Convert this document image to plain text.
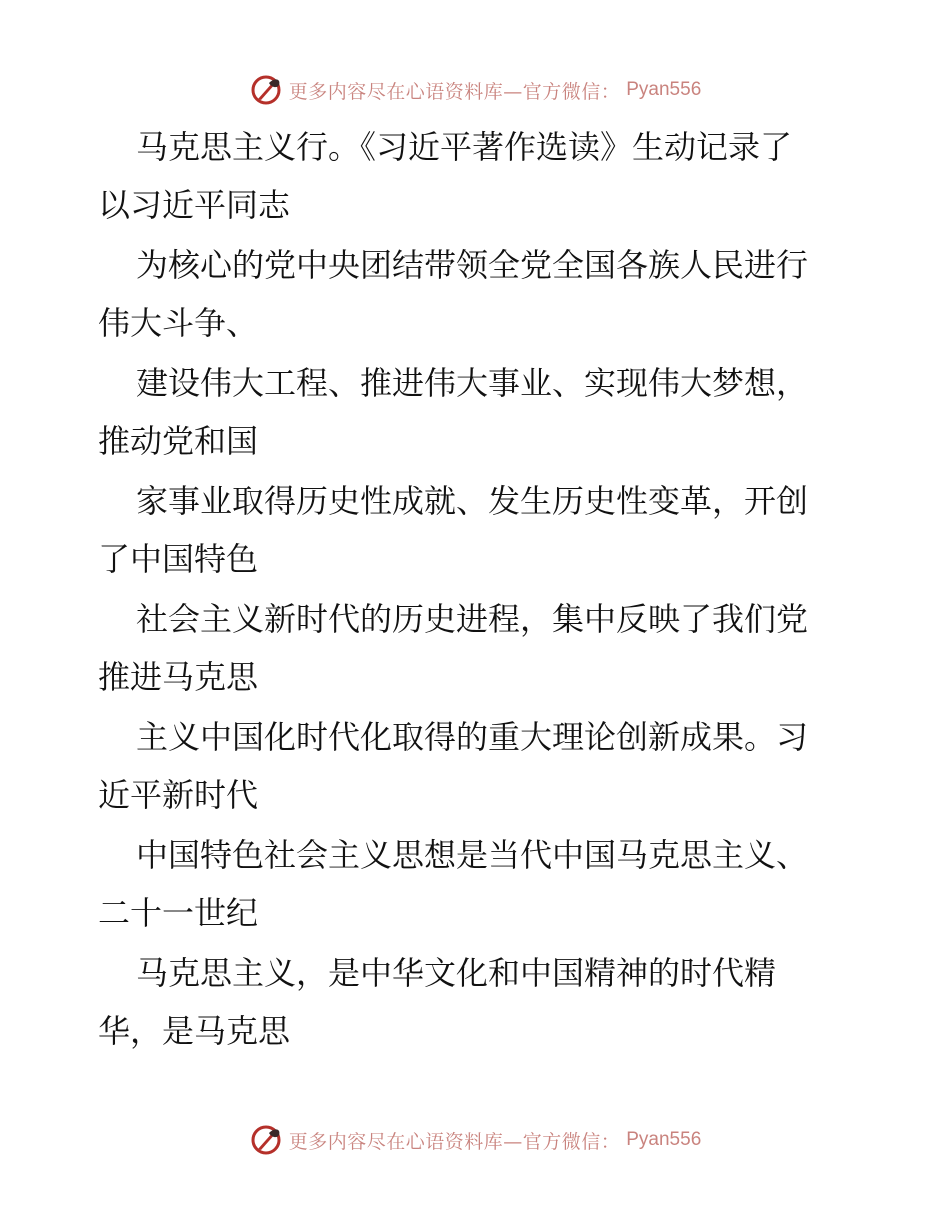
更多内容尽在心语资料库—官方微信： Pyan556

马克思主义行。《习近平著作选读》生动记录了
以习近平同志

为核心的党中央团结带领全党全国各族人民进行
伟大斗争、

建设伟大工程、推进伟大事业、实现伟大梦想，
推动党和国

家事业取得历史性成就、发生历史性变革，开创
了中国特色

社会主义新时代的历史进程，集中反映了我们党
推进马克思

主义中国化时代化取得的重大理论创新成果。习
近平新时代

中国特色社会主义思想是当代中国马克思主义、
二十一世纪

马克思主义，是中华文化和中国精神的时代精
华，是马克思

更多内容尽在心语资料库—官方微信： Pyan556
